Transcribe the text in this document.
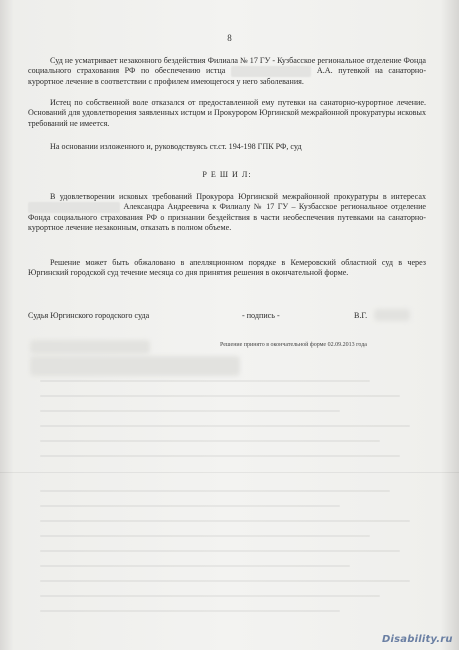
8
Суд не усматривает незаконного бездействия Филиала № 17 ГУ - Кузбасское региональное отделение Фонда социального страхования РФ по обеспечению истца	А.А. путевкой на санаторно-курортное лечение в соответствии с профилем имеющегося у него заболевания.
Истец по собственной воле отказался от предоставленной ему путевки на санаторно-курортное лечение. Оснований для удовлетворения заявленных истцом и Прокурором Юргинской межрайонной прокуратуры исковых требований не имеется.
На основании изложенного и, руководствуясь ст.ст. 194-198 ГПК РФ, суд
Р Е Ш И Л:
В удовлетворении исковых требований Прокурора Юргинской межрайонной прокуратуры в интересах  Александра Андреевича к Филиалу № 17 ГУ – Кузбасское региональное отделение Фонда социального страхования РФ о признании бездействия в части необеспечения путевками на санаторно-курортное лечение незаконным, отказать в полном объеме.
Решение может быть обжаловано в апелляционном порядке в Кемеровский областной суд в через Юргинский городской суд течение месяца со дня принятия решения в окончательной форме.
Судья Юргинского городского суда	- подпись -	В.Г.
Решение принято в окончательной форме 02.09.2013 года
Disability.ru
